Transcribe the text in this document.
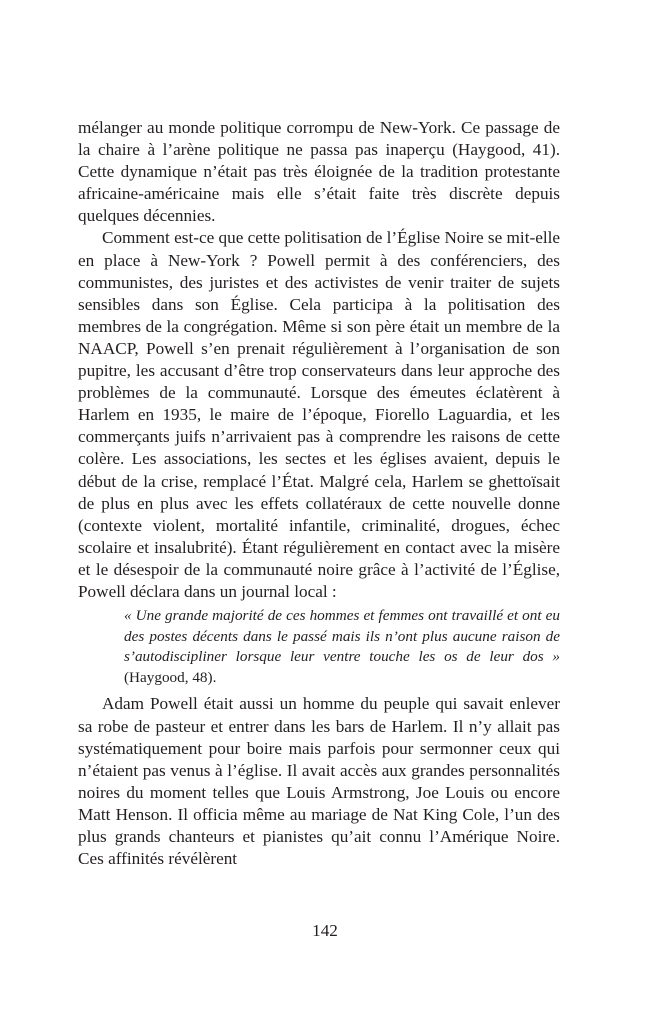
mélanger au monde politique corrompu de New-York. Ce passage de la chaire à l’arène politique ne passa pas inaperçu (Haygood, 41). Cette dynamique n’était pas très éloignée de la tradition protestante africaine-américaine mais elle s’était faite très discrète depuis quelques décennies.

Comment est-ce que cette politisation de l’Église Noire se mit-elle en place à New-York ? Powell permit à des conférenciers, des communistes, des juristes et des activistes de venir traiter de sujets sensibles dans son Église. Cela participa à la politisation des membres de la congrégation. Même si son père était un membre de la NAACP, Powell s’en prenait régulièrement à l’organisation de son pupitre, les accusant d’être trop conservateurs dans leur approche des problèmes de la communauté. Lorsque des émeutes éclatèrent à Harlem en 1935, le maire de l’époque, Fiorello Laguardia, et les commerçants juifs n’arrivaient pas à comprendre les raisons de cette colère. Les associations, les sectes et les églises avaient, depuis le début de la crise, remplacé l’État. Malgré cela, Harlem se ghettoïsait de plus en plus avec les effets collatéraux de cette nouvelle donne (contexte violent, mortalité infantile, criminalité, drogues, échec scolaire et insalubrité). Étant régulièrement en contact avec la misère et le désespoir de la communauté noire grâce à l’activité de l’Église, Powell déclara dans un journal local :

« Une grande majorité de ces hommes et femmes ont travaillé et ont eu des postes décents dans le passé mais ils n’ont plus aucune raison de s’autodiscipliner lorsque leur ventre touche les os de leur dos » (Haygood, 48).

Adam Powell était aussi un homme du peuple qui savait enlever sa robe de pasteur et entrer dans les bars de Harlem. Il n’y allait pas systématiquement pour boire mais parfois pour sermonner ceux qui n’étaient pas venus à l’église. Il avait accès aux grandes personnalités noires du moment telles que Louis Armstrong, Joe Louis ou encore Matt Henson. Il officia même au mariage de Nat King Cole, l’un des plus grands chanteurs et pianistes qu’ait connu l’Amérique Noire. Ces affinités révélèrent

142
